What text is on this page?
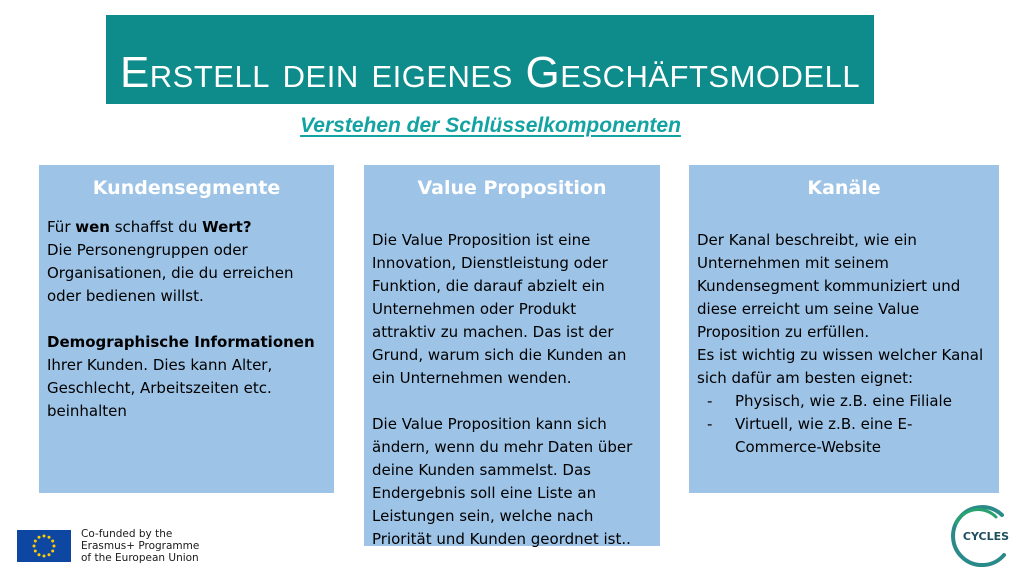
Erstell dein eigenes Geschäftsmodell
Verstehen der Schlüsselkomponenten
Kundensegmente

Für wen schaffst du Wert?

Die Personengruppen oder
Organisationen, die du erreichen
oder bedienen willst.

Demographische Informationen

Ihrer Kunden. Dies kann Alter,
Geschlecht, Arbeitszeiten etc.
beinhalten

Value Proposition

Die Value Proposition ist eine
Innovation, Dienstleistung oder
Funktion, die darauf abzielt ein
Unternehmen oder Produkt
attraktiv zu machen. Das ist der
Grund, warum sich die Kunden an
ein Unternehmen wenden.

Die Value Proposition kann sich
ändern, wenn du mehr Daten über
deine Kunden sammelst. Das
Endergebnis soll eine Liste an
Leistungen sein, welche nach
Priorität und Kunden geordnet ist..

Kanäle

Der Kanal beschreibt, wie ein
Unternehmen mit seinem
Kundensegment kommuniziert und
diese erreicht um seine Value
Proposition zu erfüllen.
Es ist wichtig zu wissen welcher Kanal
sich dafür am besten eignet:

- Physisch, wie z.B. eine Filiale
- Virtuell, wie z.B. eine E-
Commerce-Website
Co-funded by the
Erasmus+ Programme
of the European Union
CYCLES
